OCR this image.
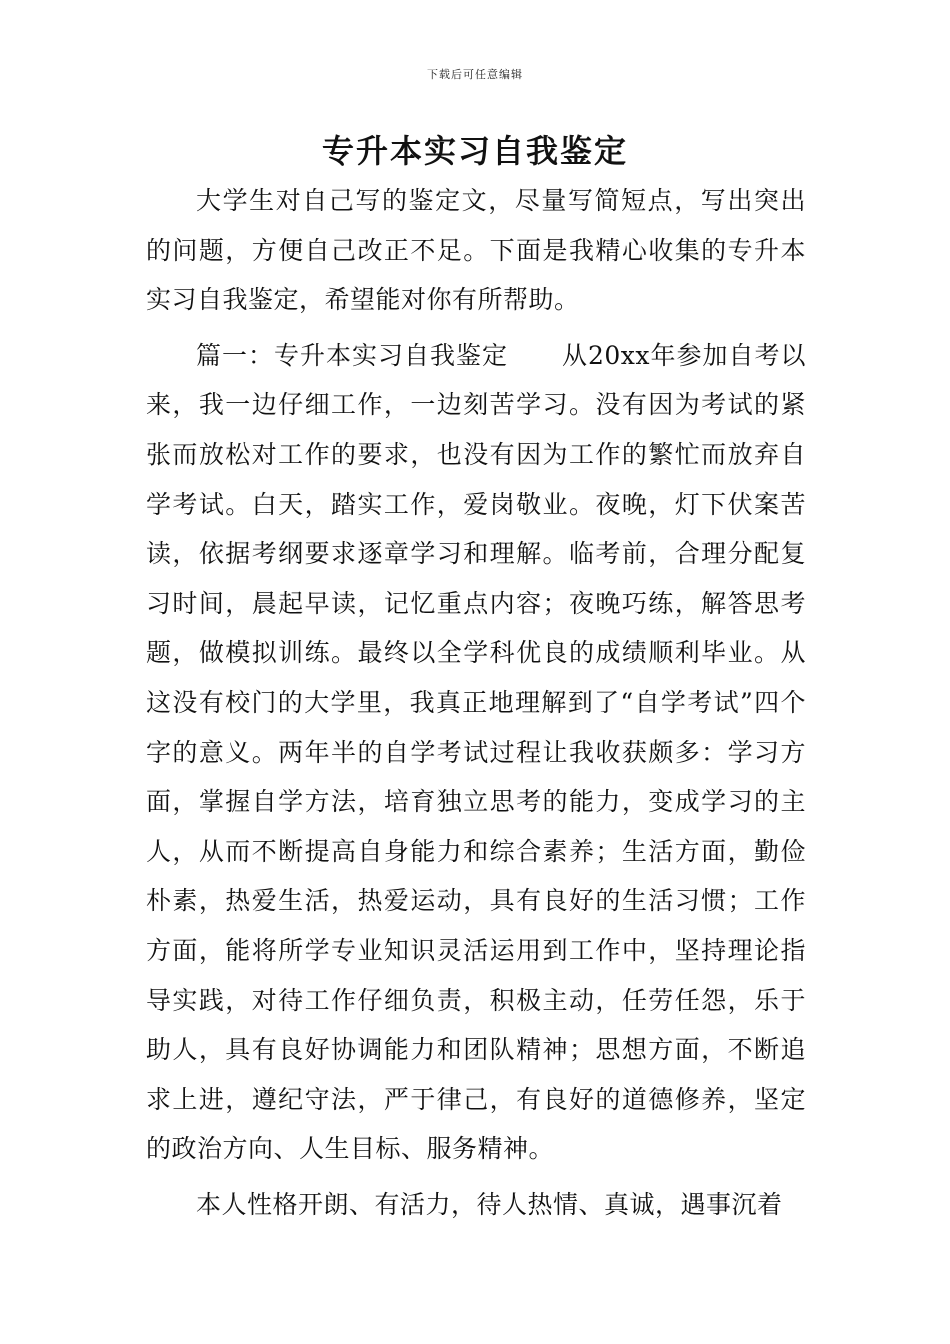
下载后可任意编辑
专升本实习自我鉴定

大学生对自己写的鉴定文，尽量写简短点，写出突出的问题，方便自己改正不足。下面是我精心收集的专升本实习自我鉴定，希望能对你有所帮助。

篇一：专升本实习自我鉴定 从20xx年参加自考以来，我一边仔细工作，一边刻苦学习。没有因为考试的紧张而放松对工作的要求，也没有因为工作的繁忙而放弃自学考试。白天，踏实工作，爱岗敬业。夜晚，灯下伏案苦读，依据考纲要求逐章学习和理解。临考前，合理分配复习时间，晨起早读，记忆重点内容；夜晚巧练，解答思考题，做模拟训练。最终以全学科优良的成绩顺利毕业。从这没有校门的大学里，我真正地理解到了“自学考试”四个字的意义。两年半的自学考试过程让我收获颇多：学习方面，掌握自学方法，培育独立思考的能力，变成学习的主人，从而不断提高自身能力和综合素养；生活方面，勤俭朴素，热爱生活，热爱运动，具有良好的生活习惯；工作方面，能将所学专业知识灵活运用到工作中，坚持理论指导实践，对待工作仔细负责，积极主动，任劳任怨，乐于助人，具有良好协调能力和团队精神；思想方面，不断追求上进，遵纪守法，严于律己，有良好的道德修养，坚定的政治方向、人生目标、服务精神。

本人性格开朗、有活力，待人热情、真诚，遇事沉着
